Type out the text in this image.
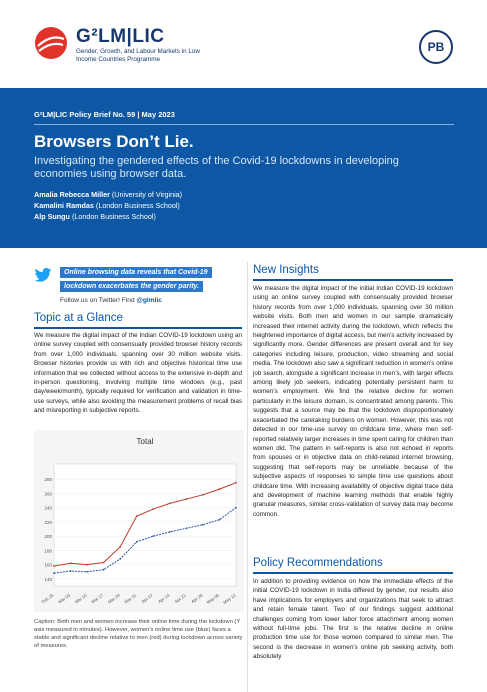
G²LM|LIC
Gender, Growth, and Labour Markets in Low Income Countries Programme
PB
G²LM|LIC Policy Brief No. 59 | May 2023
Browsers Don’t Lie.
Investigating the gendered effects of the Covid-19 lockdowns in developing economies using browser data.
Amalia Rebecca Miller (University of Virginia)
Kamalini Ramdas (London Business School)
Alp Sungu (London Business School)
Online browsing data reveals that Covid-19 lockdown exacerbates the gender parity.
Follow us on Twitter! Find @glmlic
Topic at a Glance
We measure the digital impact of the Indian COVID-19 lockdown using an online survey coupled with consensually provided browser history records from over 1,000 individuals, spanning over 30 million website visits. Browser histories provide us with rich and objective historical time use information that we collected without access to the extensive in-depth and in-person questioning, involving multiple time windows (e.g., past day/week/month), typically required for verification and validation in time-use surveys, while also avoiding the measurement problems of recall bias and misreporting in subjective reports.
Total
140
160
180
200
220
240
260
280
Feb 25 Mar 03 Mar 10 Mar 17 Mar 24 Mar 31 Apr 07 Apr 14 Apr 21 Apr 28 May 05 May 12
Caption: Both men and women increase their online time during the lockdown (Y axis measured in minutes). However, women’s online time use (blue) faces a stable and significant decline relative to men (red) during lockdown across variety of measures.
New Insights
We measure the digital impact of the initial Indian COVID-19 lockdown using an online survey coupled with consensually provided browser history records from over 1,000 individuals, spanning over 30 million website visits. Both men and women in our sample dramatically increased their internet activity during the lockdown, which reflects the heightened importance of digital access, but men’s activity increased by significantly more. Gender differences are present overall and for key categories including leisure, production, video streaming and social media. The lockdown also saw a significant reduction in women’s online job search, alongside a significant increase in men’s, with larger effects among likely job seekers, indicating potentially persistent harm to women’s employment. We find the relative decline for women particularly in the leisure domain, is concentrated among parents. This suggests that a source may be that the lockdown disproportionately exacerbated the caretaking burdens on women. However, this was not detected in our time-use survey on childcare time, where men self-reported relatively larger increases in time spent caring for children than women did. The pattern in self-reports is also not echoed in reports from spouses or in objective data on child-related internet browsing, suggesting that self-reports may be unreliable because of the subjective aspects of responses to simple time use questions about childcare time. With increasing availability of objective digital trace data and development of machine learning methods that enable highly granular measures, similar cross-validation of survey data may become common.
Policy Recommendations
In addition to providing evidence on how the immediate effects of the initial COVID-19 lockdown in India differed by gender, our results also have implications for employers and organizations that seek to attract and retain female talent. Two of our findings suggest additional challenges coming from lower labor force attachment among women without full-time jobs. The first is the relative decline in online production time use for those women compared to similar men. The second is the decrease in women’s online job seeking activity, both absolutely
